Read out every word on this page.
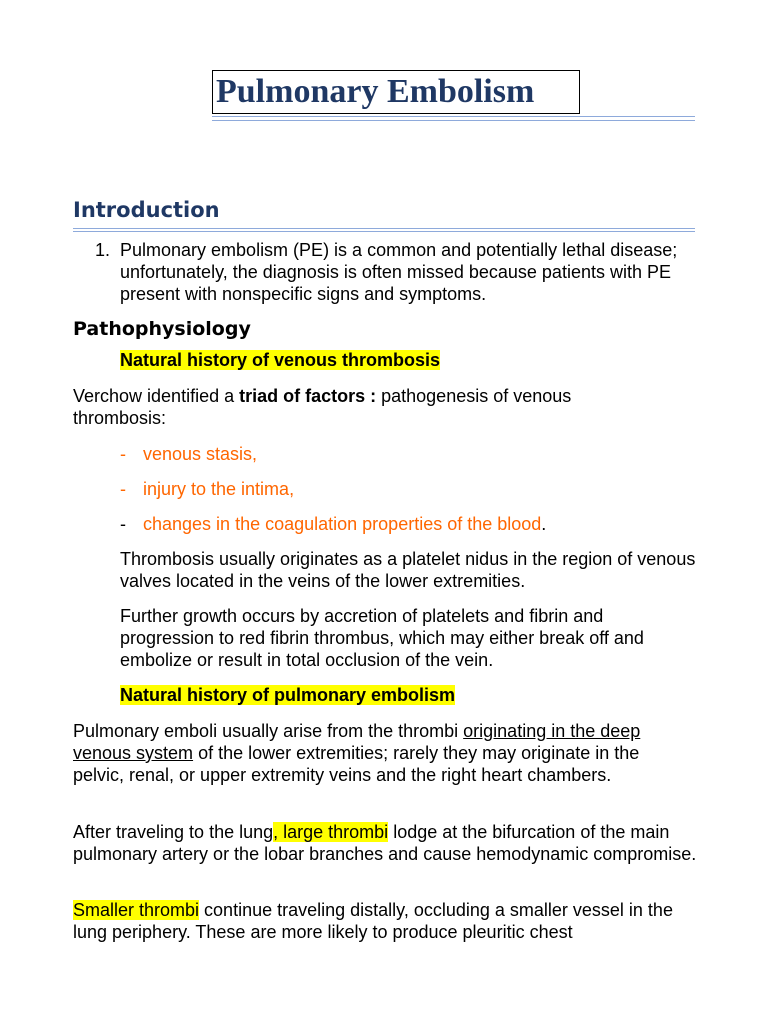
Pulmonary Embolism
Introduction
1. Pulmonary embolism (PE) is a common and potentially lethal disease; unfortunately, the diagnosis is often missed because patients with PE present with nonspecific signs and symptoms.
Pathophysiology
Natural history of venous thrombosis
Verchow identified a triad of factors : pathogenesis of venous thrombosis:
- venous stasis,
- injury to the intima,
- changes in the coagulation properties of the blood.
Thrombosis usually originates as a platelet nidus in the region of venous valves located in the veins of the lower extremities.
Further growth occurs by accretion of platelets and fibrin and progression to red fibrin thrombus, which may either break off and embolize or result in total occlusion of the vein.
Natural history of pulmonary embolism
Pulmonary emboli usually arise from the thrombi originating in the deep venous system of the lower extremities; rarely they may originate in the pelvic, renal, or upper extremity veins and the right heart chambers.
After traveling to the lung, large thrombi lodge at the bifurcation of the main pulmonary artery or the lobar branches and cause hemodynamic compromise.
Smaller thrombi continue traveling distally, occluding a smaller vessel in the lung periphery. These are more likely to produce pleuritic chest
